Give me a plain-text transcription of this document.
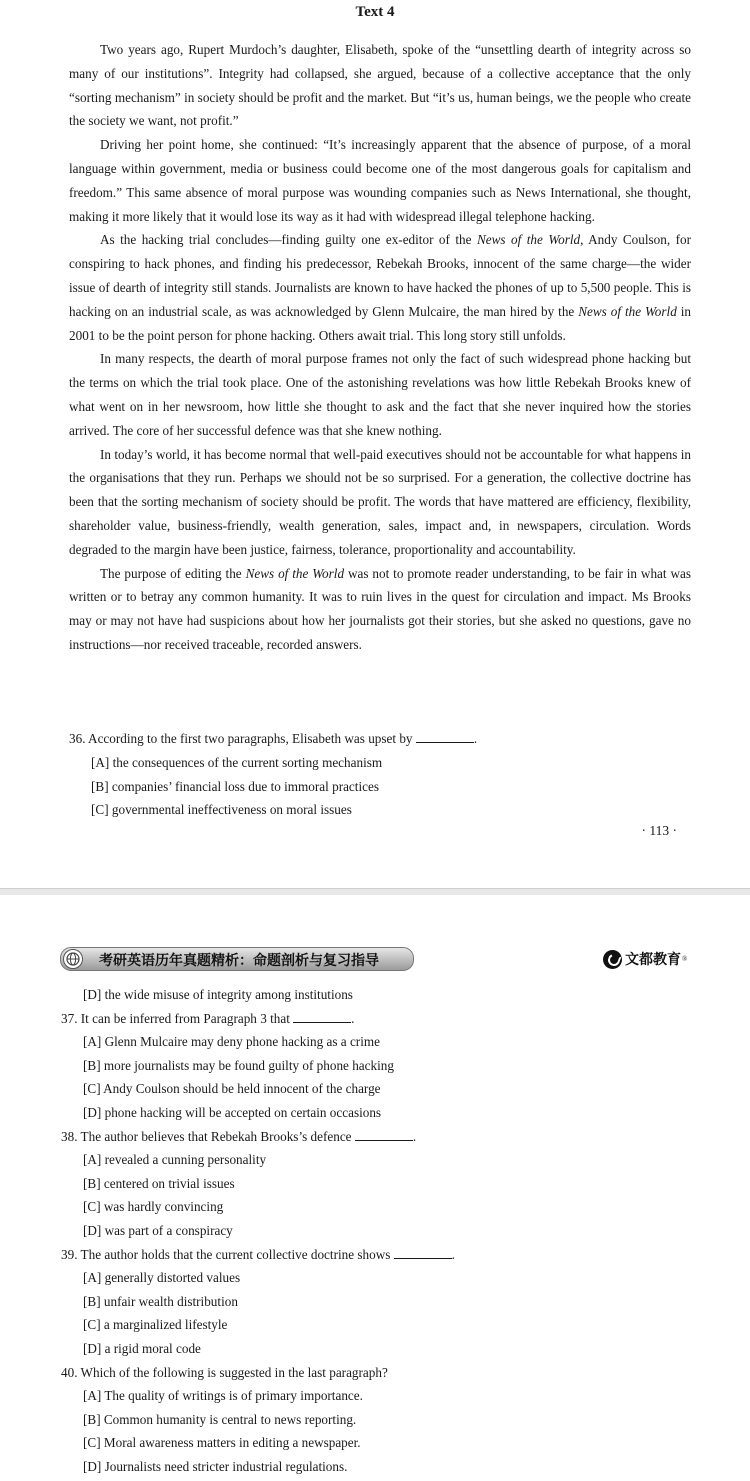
Text 4

Two years ago, Rupert Murdoch’s daughter, Elisabeth, spoke of the “unsettling dearth of integrity across so many of our institutions”. Integrity had collapsed, she argued, because of a collective acceptance that the only “sorting mechanism” in society should be profit and the market. But “it’s us, human beings, we the people who create the society we want, not profit.”

Driving her point home, she continued: “It’s increasingly apparent that the absence of purpose, of a moral language within government, media or business could become one of the most dangerous goals for capitalism and freedom.” This same absence of moral purpose was wounding companies such as News International, she thought, making it more likely that it would lose its way as it had with widespread illegal telephone hacking.

As the hacking trial concludes—finding guilty one ex-editor of the News of the World, Andy Coulson, for conspiring to hack phones, and finding his predecessor, Rebekah Brooks, innocent of the same charge—the wider issue of dearth of integrity still stands. Journalists are known to have hacked the phones of up to 5,500 people. This is hacking on an industrial scale, as was acknowledged by Glenn Mulcaire, the man hired by the News of the World in 2001 to be the point person for phone hacking. Others await trial. This long story still unfolds.

In many respects, the dearth of moral purpose frames not only the fact of such widespread phone hacking but the terms on which the trial took place. One of the astonishing revelations was how little Rebekah Brooks knew of what went on in her newsroom, how little she thought to ask and the fact that she never inquired how the stories arrived. The core of her successful defence was that she knew nothing.

In today’s world, it has become normal that well-paid executives should not be accountable for what happens in the organisations that they run. Perhaps we should not be so surprised. For a generation, the collective doctrine has been that the sorting mechanism of society should be profit. The words that have mattered are efficiency, flexibility, shareholder value, business-friendly, wealth generation, sales, impact and, in newspapers, circulation. Words degraded to the margin have been justice, fairness, tolerance, proportionality and accountability.

The purpose of editing the News of the World was not to promote reader understanding, to be fair in what was written or to betray any common humanity. It was to ruin lives in the quest for circulation and impact. Ms Brooks may or may not have had suspicions about how her journalists got their stories, but she asked no questions, gave no instructions—nor received traceable, recorded answers.

36. According to the first two paragraphs, Elisabeth was upset by	.
[A] the consequences of the current sorting mechanism
[B] companies’ financial loss due to immoral practices
[C] governmental ineffectiveness on moral issues
· 113 ·
考研英语历年真题精析：命题剖析与复习指导	文都教育 ®
[D] the wide misuse of integrity among institutions
37. It can be inferred from Paragraph 3 that	.
[A] Glenn Mulcaire may deny phone hacking as a crime
[B] more journalists may be found guilty of phone hacking
[C] Andy Coulson should be held innocent of the charge
[D] phone hacking will be accepted on certain occasions
38. The author believes that Rebekah Brooks’s defence	.
[A] revealed a cunning personality
[B] centered on trivial issues
[C] was hardly convincing
[D] was part of a conspiracy
39. The author holds that the current collective doctrine shows	.
[A] generally distorted values
[B] unfair wealth distribution
[C] a marginalized lifestyle
[D] a rigid moral code
40. Which of the following is suggested in the last paragraph?
[A] The quality of writings is of primary importance.
[B] Common humanity is central to news reporting.
[C] Moral awareness matters in editing a newspaper.
[D] Journalists need stricter industrial regulations.
